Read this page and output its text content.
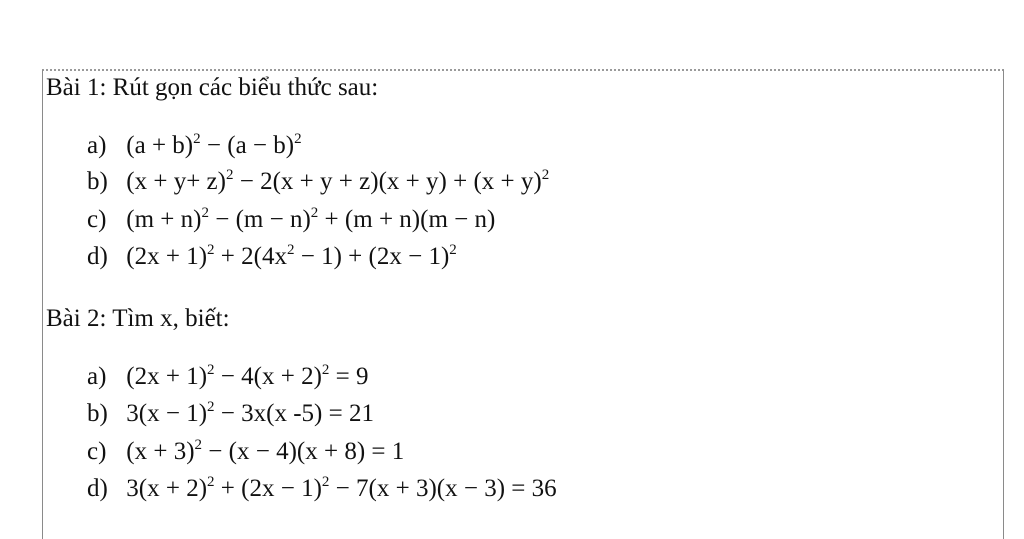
Bài 1: Rút gọn các biểu thức sau:
a) $(a + b)^2 - (a - b)^2$
b) $(x + y+ z)^2 - 2(x + y + z)(x + y) + (x + y)^2$
c) $(m + n)^2 - (m - n)^2 + (m + n)(m - n)$
d) $(2x + 1)^2 + 2(4x^2 - 1) + (2x - 1)^2$
Bài 2: Tìm x, biết:
a) $(2x + 1)^2 - 4(x + 2)^2 = 9$
b) $3(x - 1)^2 - 3x(x$ -5) = 21
c) $(x + 3)^2 - (x - 4)(x + 8) = 1$
d) $3(x + 2)^2 + (2x - 1)^2 - 7(x + 3)(x - 3) = 36$
